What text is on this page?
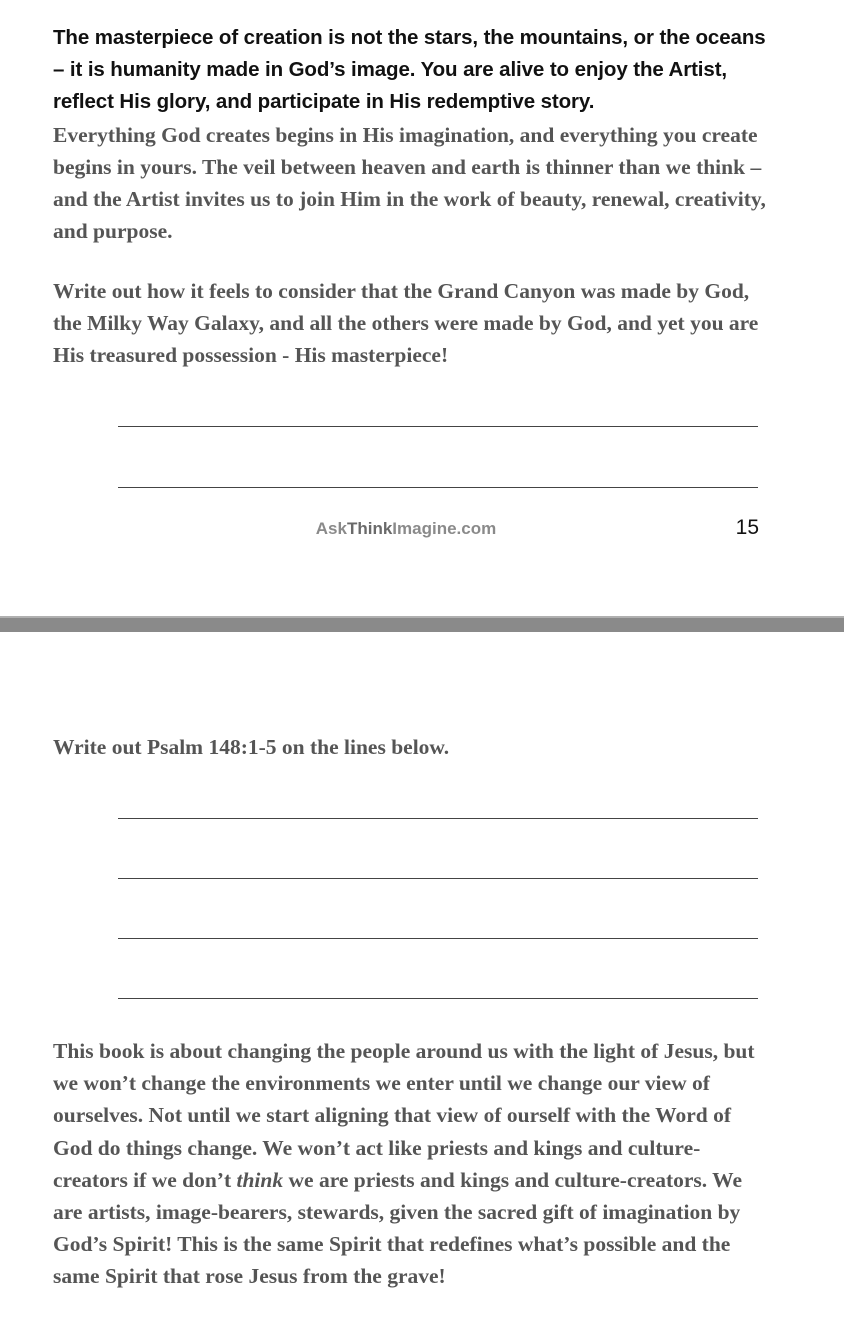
The masterpiece of creation is not the stars, the mountains, or the oceans – it is humanity made in God’s image. You are alive to enjoy the Artist, reflect His glory, and participate in His redemptive story.
Everything God creates begins in His imagination, and everything you create begins in yours. The veil between heaven and earth is thinner than we think – and the Artist invites us to join Him in the work of beauty, renewal, creativity, and purpose.

Write out how it feels to consider that the Grand Canyon was made by God, the Milky Way Galaxy, and all the others were made by God, and yet you are His treasured possession - His masterpiece!

AskThinkImagine.com	15

Write out Psalm 148:1-5 on the lines below.

This book is about changing the people around us with the light of Jesus, but we won’t change the environments we enter until we change our view of ourselves. Not until we start aligning that view of ourself with the Word of God do things change. We won’t act like priests and kings and culture-creators if we don’t think we are priests and kings and culture-creators. We are artists, image-bearers, stewards, given the sacred gift of imagination by God’s Spirit! This is the same Spirit that redefines what’s possible and the same Spirit that rose Jesus from the grave!
